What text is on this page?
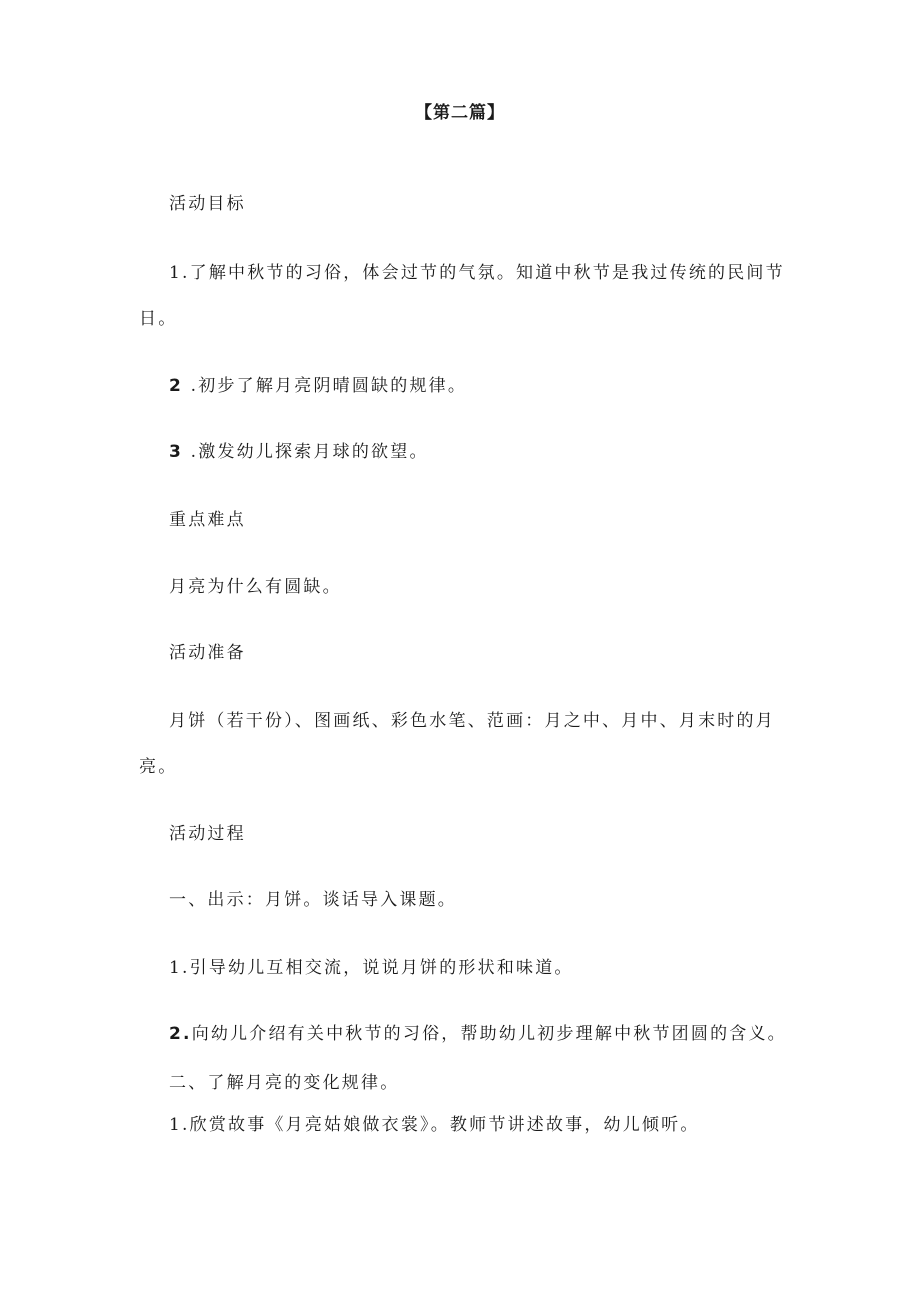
【第二篇】
活动目标
1.了解中秋节的习俗，体会过节的气氛。知道中秋节是我过传统的民间节
日。
2 .初步了解月亮阴晴圆缺的规律。
3 .激发幼儿探索月球的欲望。
重点难点
月亮为什么有圆缺。
活动准备
月饼（若干份）、图画纸、彩色水笔、范画：月之中、月中、月末时的月
亮。
活动过程
一、出示：月饼。谈话导入课题。
1.引导幼儿互相交流，说说月饼的形状和味道。
2.向幼儿介绍有关中秋节的习俗，帮助幼儿初步理解中秋节团圆的含义。
二、了解月亮的变化规律。
1.欣赏故事《月亮姑娘做衣裳》。教师节讲述故事，幼儿倾听。
